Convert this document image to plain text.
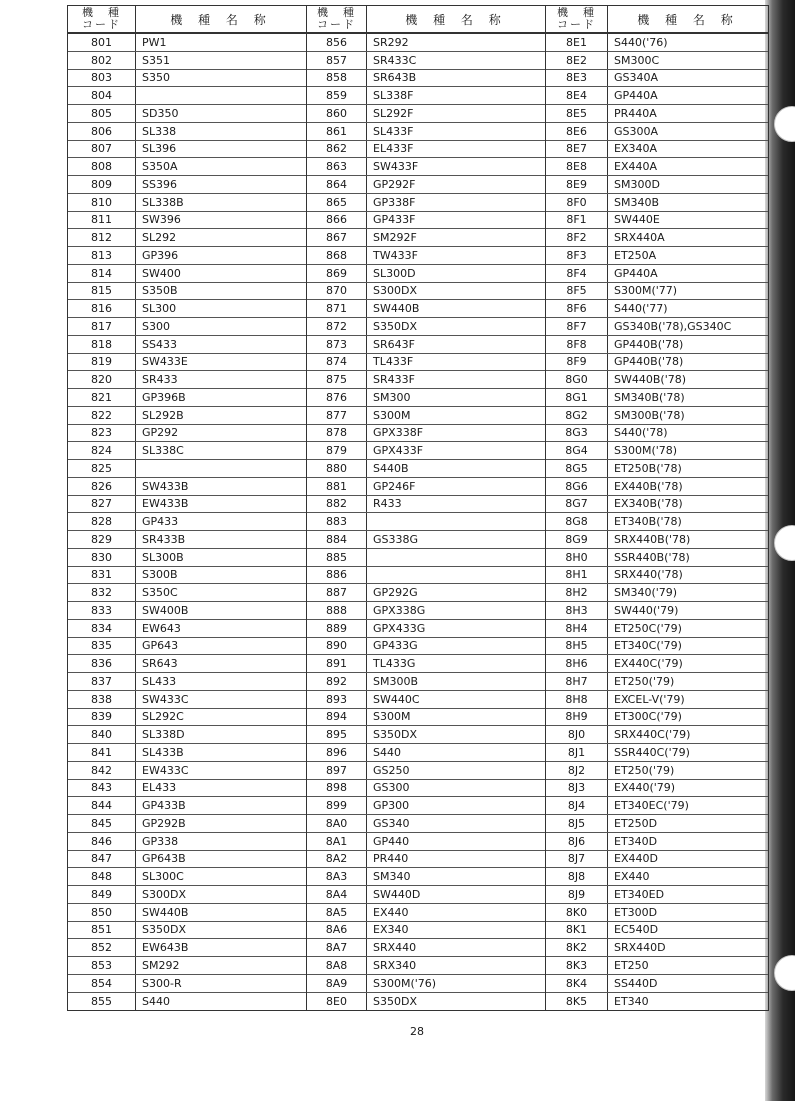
機　種
コード	機 種 名 称
801	PW1
802	S351
803	S350
804
805	SD350
806	SL338
807	SL396
808	S350A
809	SS396
810	SL338B
811	SW396
812	SL292
813	GP396
814	SW400
815	S350B
816	SL300
817	S300
818	SS433
819	SW433E
820	SR433
821	GP396B
822	SL292B
823	GP292
824	SL338C
825
826	SW433B
827	EW433B
828	GP433
829	SR433B
830	SL300B
831	S300B
832	S350C
833	SW400B
834	EW643
835	GP643
836	SR643
837	SL433
838	SW433C
839	SL292C
840	SL338D
841	SL433B
842	EW433C
843	EL433
844	GP433B
845	GP292B
846	GP338
847	GP643B
848	SL300C
849	S300DX
850	SW440B
851	S350DX
852	EW643B
853	SM292
854	S300-R
855	S440
機　種
コード	機 種 名 称
856	SR292
857	SR433C
858	SR643B
859	SL338F
860	SL292F
861	SL433F
862	EL433F
863	SW433F
864	GP292F
865	GP338F
866	GP433F
867	SM292F
868	TW433F
869	SL300D
870	S300DX
871	SW440B
872	S350DX
873	SR643F
874	TL433F
875	SR433F
876	SM300
877	S300M
878	GPX338F
879	GPX433F
880	S440B
881	GP246F
882	R433
883
884	GS338G
885
886
887	GP292G
888	GPX338G
889	GPX433G
890	GP433G
891	TL433G
892	SM300B
893	SW440C
894	S300M
895	S350DX
896	S440
897	GS250
898	GS300
899	GP300
8A0	GS340
8A1	GP440
8A2	PR440
8A3	SM340
8A4	SW440D
8A5	EX440
8A6	EX340
8A7	SRX440
8A8	SRX340
8A9	S300M('76)
8E0	S350DX
機　種
コード	機 種 名 称
8E1	S440('76)
8E2	SM300C
8E3	GS340A
8E4	GP440A
8E5	PR440A
8E6	GS300A
8E7	EX340A
8E8	EX440A
8E9	SM300D
8F0	SM340B
8F1	SW440E
8F2	SRX440A
8F3	ET250A
8F4	GP440A
8F5	S300M('77)
8F6	S440('77)
8F7	GS340B('78),GS340C
8F8	GP440B('78)
8F9	GP440B('78)
8G0	SW440B('78)
8G1	SM340B('78)
8G2	SM300B('78)
8G3	S440('78)
8G4	S300M('78)
8G5	ET250B('78)
8G6	EX440B('78)
8G7	EX340B('78)
8G8	ET340B('78)
8G9	SRX440B('78)
8H0	SSR440B('78)
8H1	SRX440('78)
8H2	SM340('79)
8H3	SW440('79)
8H4	ET250C('79)
8H5	ET340C('79)
8H6	EX440C('79)
8H7	ET250('79)
8H8	EXCEL-V('79)
8H9	ET300C('79)
8J0	SRX440C('79)
8J1	SSR440C('79)
8J2	ET250('79)
8J3	EX440('79)
8J4	ET340EC('79)
8J5	ET250D
8J6	ET340D
8J7	EX440D
8J8	EX440
8J9	ET340ED
8K0	ET300D
8K1	EC540D
8K2	SRX440D
8K3	ET250
8K4	SS440D
8K5	ET340
28
